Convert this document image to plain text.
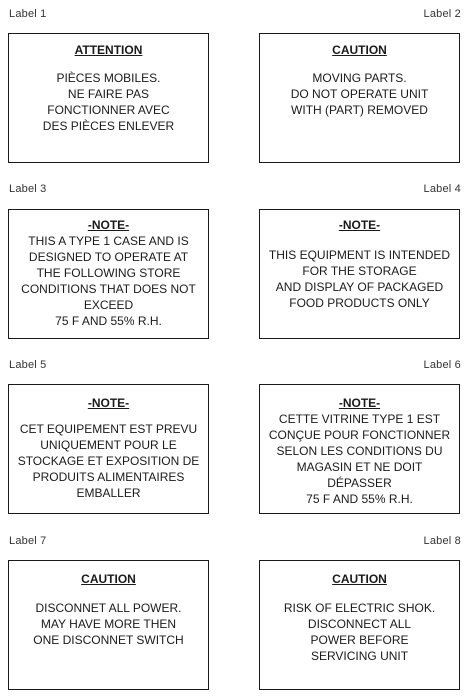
Label 1	Label 2
ATTENTION
PIÈCES MOBILES.
NE FAIRE PAS
FONCTIONNER AVEC
DES PIÈCES ENLEVER
CAUTION
MOVING PARTS.
DO NOT OPERATE UNIT
WITH (PART) REMOVED
Label 3	Label 4
-NOTE-
THIS A TYPE 1 CASE AND IS
DESIGNED TO OPERATE AT
THE FOLLOWING STORE
CONDITIONS THAT DOES NOT
EXCEED
75 F AND 55% R.H.
-NOTE-
THIS EQUIPMENT IS INTENDED
FOR THE STORAGE
AND DISPLAY OF PACKAGED
FOOD PRODUCTS ONLY
Label 5	Label 6
-NOTE-
CET EQUIPEMENT EST PREVU
UNIQUEMENT POUR LE
STOCKAGE ET EXPOSITION DE
PRODUITS ALIMENTAIRES
EMBALLER
-NOTE-
CETTE VITRINE TYPE 1 EST
CONÇUE POUR FONCTIONNER
SELON LES CONDITIONS DU
MAGASIN ET NE DOIT
DÉPASSER
75 F AND 55% R.H.
Label 7	Label 8
CAUTION
DISCONNET ALL POWER.
MAY HAVE MORE THEN
ONE DISCONNET SWITCH
CAUTION
RISK OF ELECTRIC SHOK.
DISCONNECT ALL
POWER BEFORE
SERVICING UNIT
